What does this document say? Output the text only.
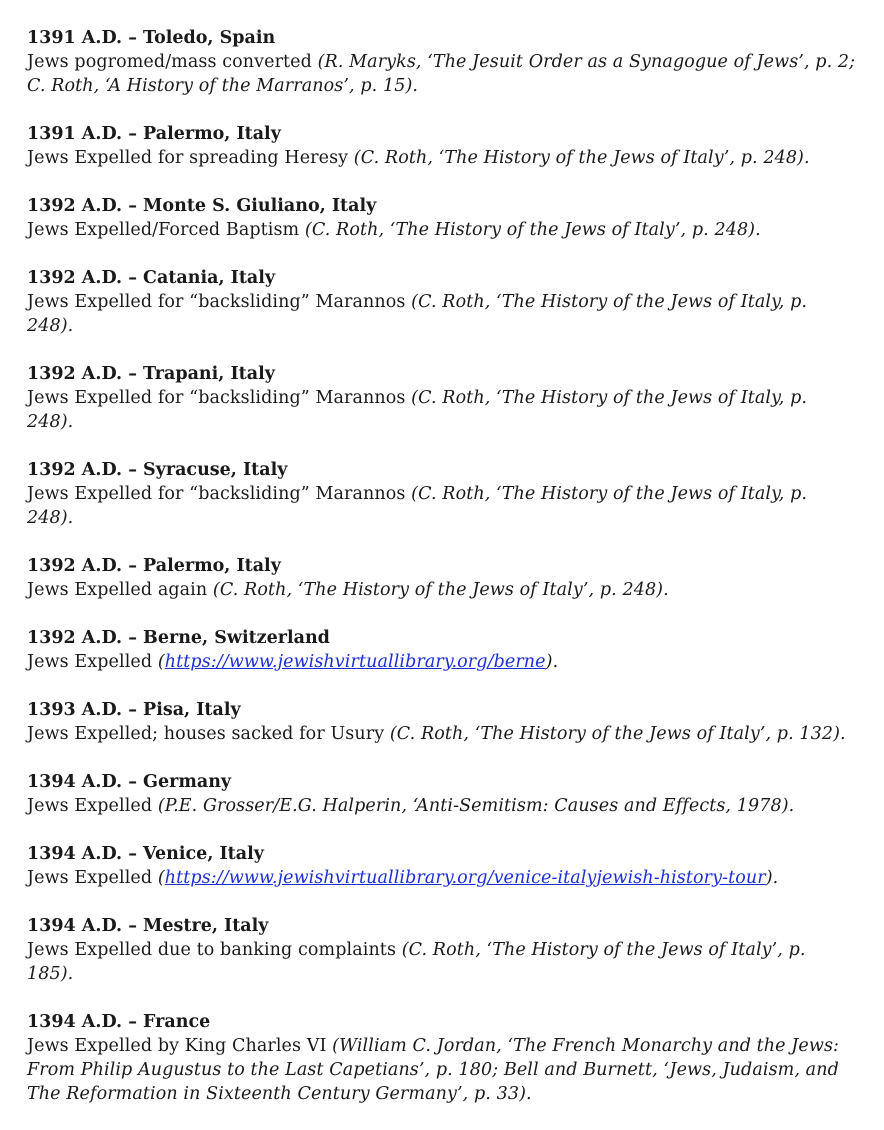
1391 A.D. – Toledo, Spain
Jews pogromed/mass converted (R. Maryks, ‘The Jesuit Order as a Synagogue of Jews’, p. 2; C. Roth, ‘A History of the Marranos’, p. 15).
1391 A.D. – Palermo, Italy
Jews Expelled for spreading Heresy (C. Roth, ‘The History of the Jews of Italy’, p. 248).
1392 A.D. – Monte S. Giuliano, Italy
Jews Expelled/Forced Baptism (C. Roth, ‘The History of the Jews of Italy’, p. 248).
1392 A.D. – Catania, Italy
Jews Expelled for “backsliding” Marannos (C. Roth, ‘The History of the Jews of Italy, p. 248).
1392 A.D. – Trapani, Italy
Jews Expelled for “backsliding” Marannos (C. Roth, ‘The History of the Jews of Italy, p. 248).
1392 A.D. – Syracuse, Italy
Jews Expelled for “backsliding” Marannos (C. Roth, ‘The History of the Jews of Italy, p. 248).
1392 A.D. – Palermo, Italy
Jews Expelled again (C. Roth, ‘The History of the Jews of Italy’, p. 248).
1392 A.D. – Berne, Switzerland
Jews Expelled (https://www.jewishvirtuallibrary.org/berne).
1393 A.D. – Pisa, Italy
Jews Expelled; houses sacked for Usury (C. Roth, ‘The History of the Jews of Italy’, p. 132).
1394 A.D. – Germany
Jews Expelled (P.E. Grosser/E.G. Halperin, ‘Anti-Semitism: Causes and Effects, 1978).
1394 A.D. – Venice, Italy
Jews Expelled (https://www.jewishvirtuallibrary.org/venice-italyjewish-history-tour).
1394 A.D. – Mestre, Italy
Jews Expelled due to banking complaints (C. Roth, ‘The History of the Jews of Italy’, p. 185).
1394 A.D. – France
Jews Expelled by King Charles VI (William C. Jordan, ‘The French Monarchy and the Jews: From Philip Augustus to the Last Capetians’, p. 180; Bell and Burnett, ‘Jews, Judaism, and The Reformation in Sixteenth Century Germany’, p. 33).
